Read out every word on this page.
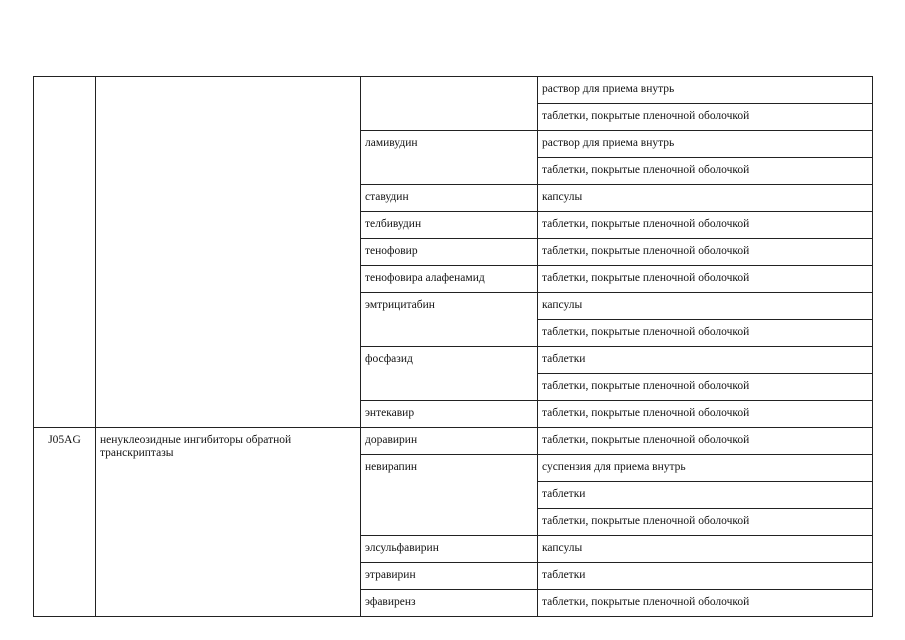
			раствор для приема внутрь
			таблетки, покрытые пленочной оболочкой
		ламивудин	раствор для приема внутрь
			таблетки, покрытые пленочной оболочкой
		ставудин	капсулы
		телбивудин	таблетки, покрытые пленочной оболочкой
		тенофовир	таблетки, покрытые пленочной оболочкой
		тенофовира алафенамид	таблетки, покрытые пленочной оболочкой
		эмтрицитабин	капсулы
			таблетки, покрытые пленочной оболочкой
		фосфазид	таблетки
			таблетки, покрытые пленочной оболочкой
		энтекавир	таблетки, покрытые пленочной оболочкой
J05AG	ненуклеозидные ингибиторы обратной транскриптазы	доравирин	таблетки, покрытые пленочной оболочкой
		невирапин	суспензия для приема внутрь
			таблетки
			таблетки, покрытые пленочной оболочкой
		элсульфавирин	капсулы
		этравирин	таблетки
		эфавиренз	таблетки, покрытые пленочной оболочкой
